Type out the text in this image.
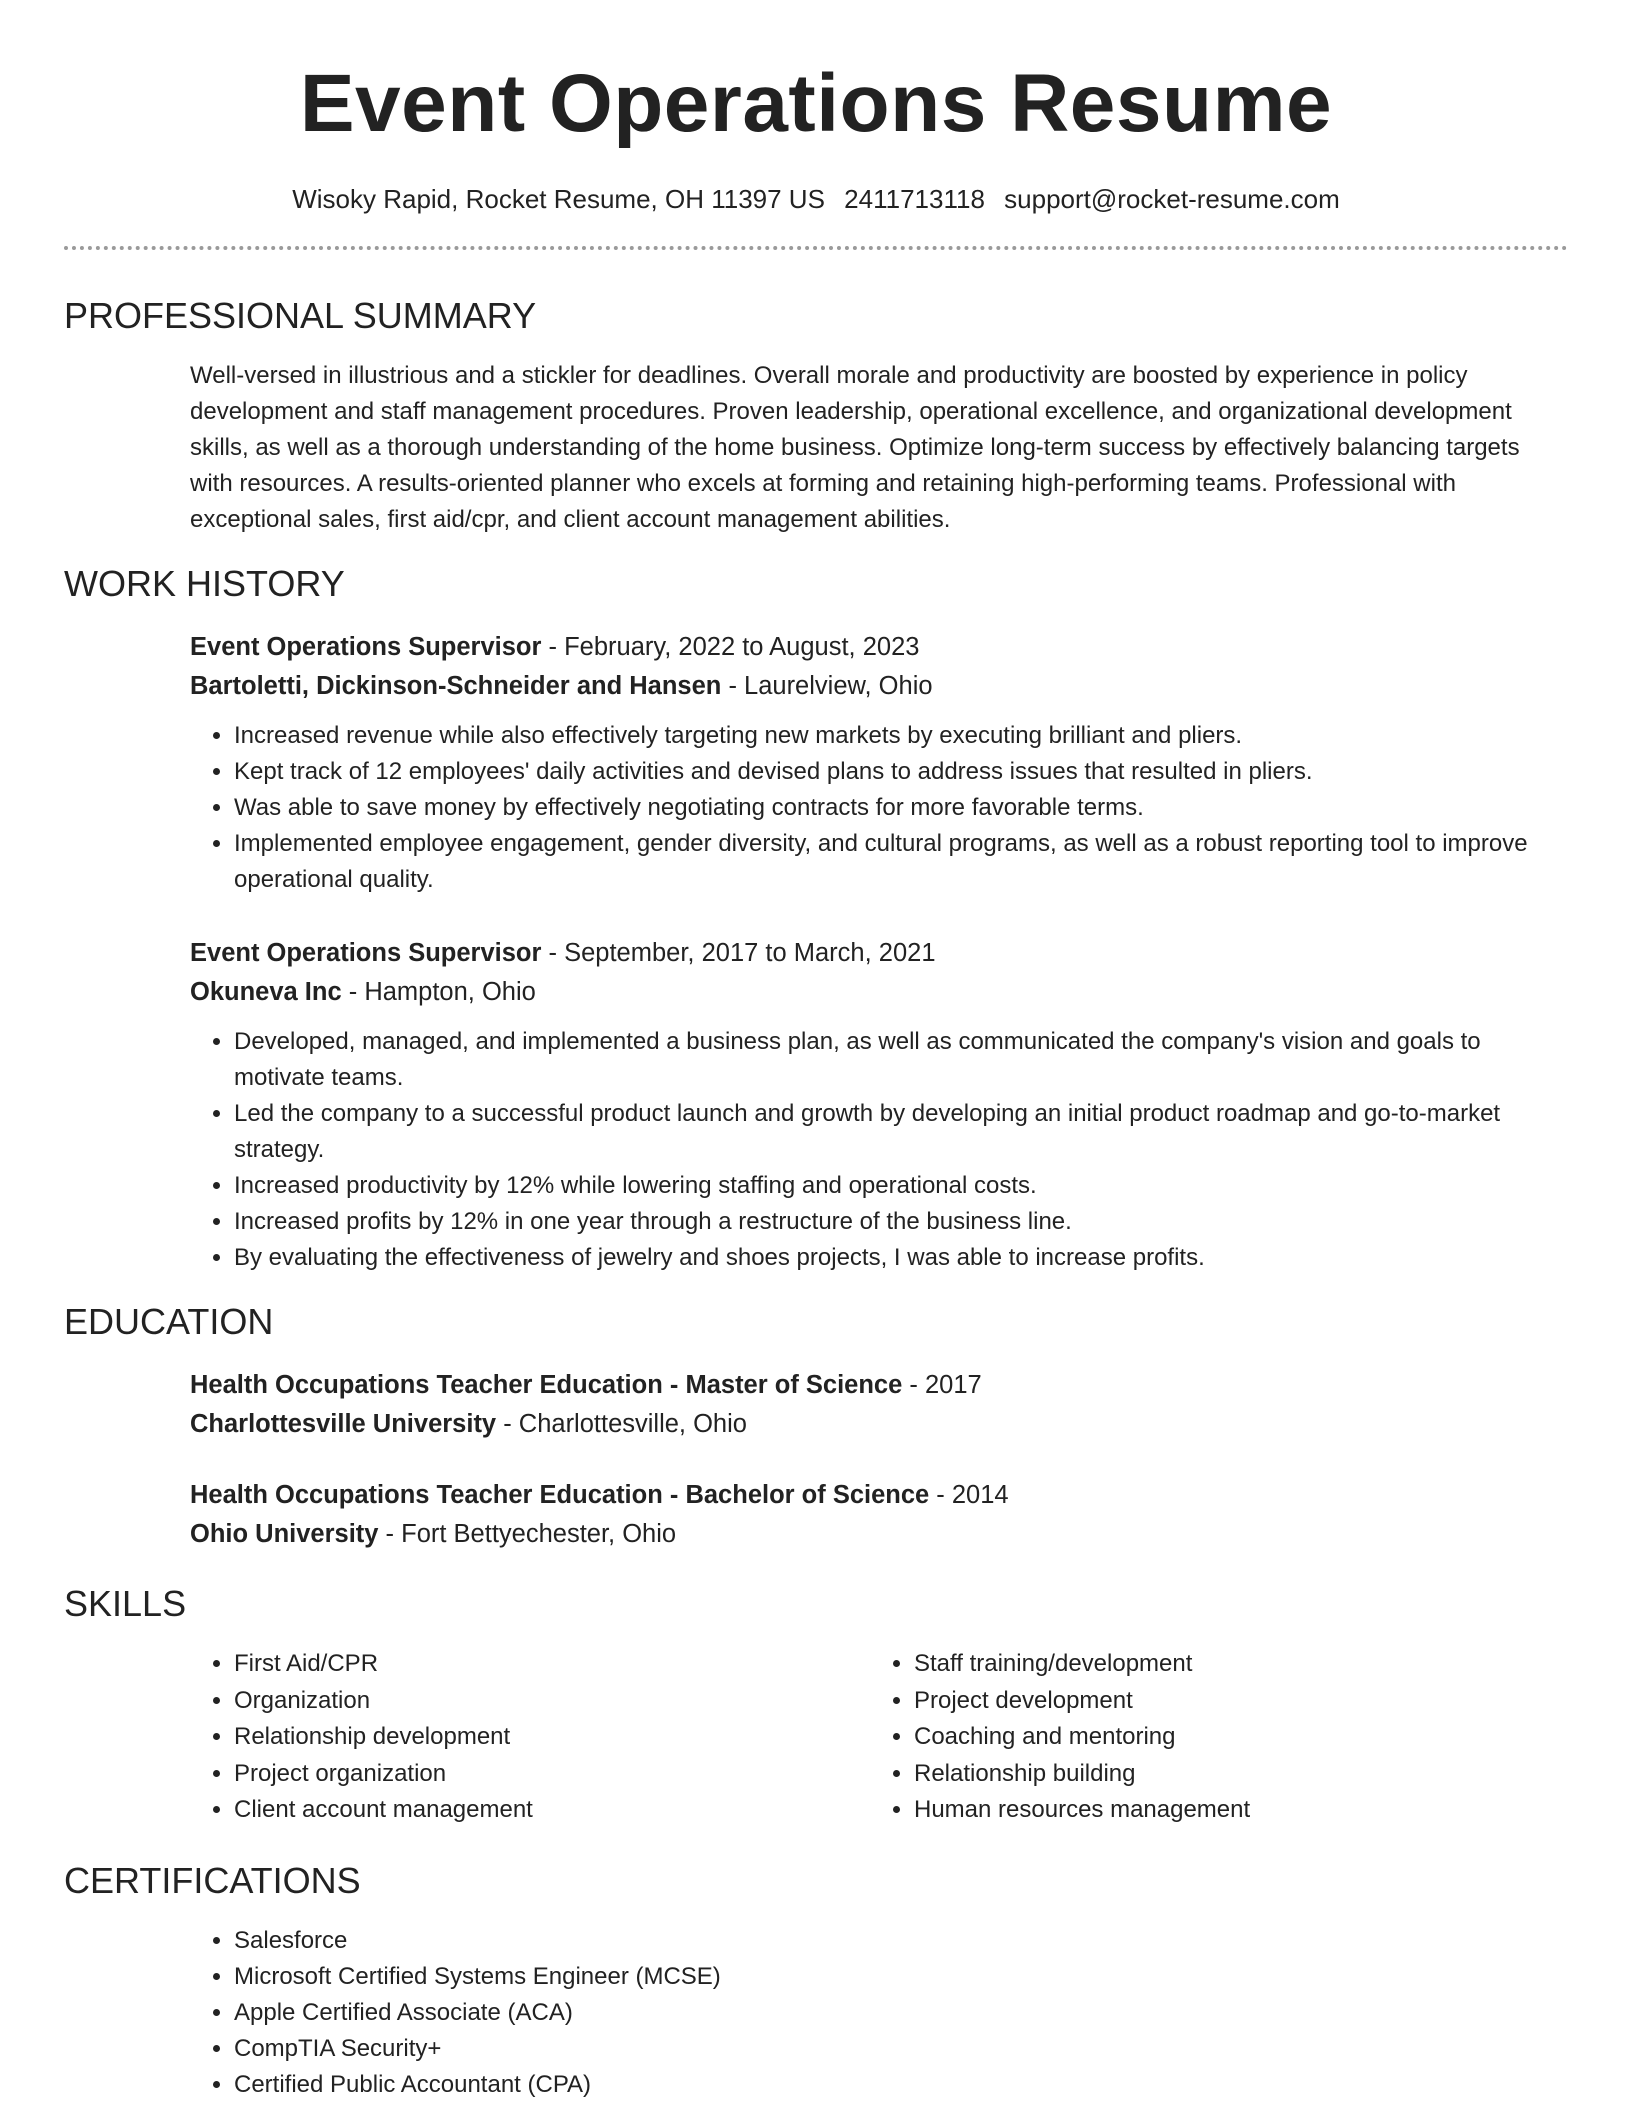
Event Operations Resume
Wisoky Rapid, Rocket Resume, OH 11397 US 2411713118 support@rocket-resume.com
PROFESSIONAL SUMMARY

Well-versed in illustrious and a stickler for deadlines. Overall morale and productivity are boosted by experience in policy development and staff management procedures. Proven leadership, operational excellence, and organizational development skills, as well as a thorough understanding of the home business. Optimize long-term success by effectively balancing targets with resources. A results-oriented planner who excels at forming and retaining high-performing teams. Professional with exceptional sales, first aid/cpr, and client account management abilities.

WORK HISTORY
Event Operations Supervisor - February, 2022 to August, 2023
Bartoletti, Dickinson-Schneider and Hansen - Laurelview, Ohio
• Increased revenue while also effectively targeting new markets by executing brilliant and pliers.
• Kept track of 12 employees' daily activities and devised plans to address issues that resulted in pliers.
• Was able to save money by effectively negotiating contracts for more favorable terms.
• Implemented employee engagement, gender diversity, and cultural programs, as well as a robust reporting tool to improve operational quality.
Event Operations Supervisor - September, 2017 to March, 2021
Okuneva Inc - Hampton, Ohio
• Developed, managed, and implemented a business plan, as well as communicated the company's vision and goals to motivate teams.
• Led the company to a successful product launch and growth by developing an initial product roadmap and go-to-market strategy.
• Increased productivity by 12% while lowering staffing and operational costs.
• Increased profits by 12% in one year through a restructure of the business line.
• By evaluating the effectiveness of jewelry and shoes projects, I was able to increase profits.
EDUCATION
Health Occupations Teacher Education - Master of Science - 2017
Charlottesville University - Charlottesville, Ohio
Health Occupations Teacher Education - Bachelor of Science - 2014
Ohio University - Fort Bettyechester, Ohio
SKILLS
• First Aid/CPR
• Organization
• Relationship development
• Project organization
• Client account management
• Staff training/development
• Project development
• Coaching and mentoring
• Relationship building
• Human resources management
CERTIFICATIONS
• Salesforce
• Microsoft Certified Systems Engineer (MCSE)
• Apple Certified Associate (ACA)
• CompTIA Security+
• Certified Public Accountant (CPA)
